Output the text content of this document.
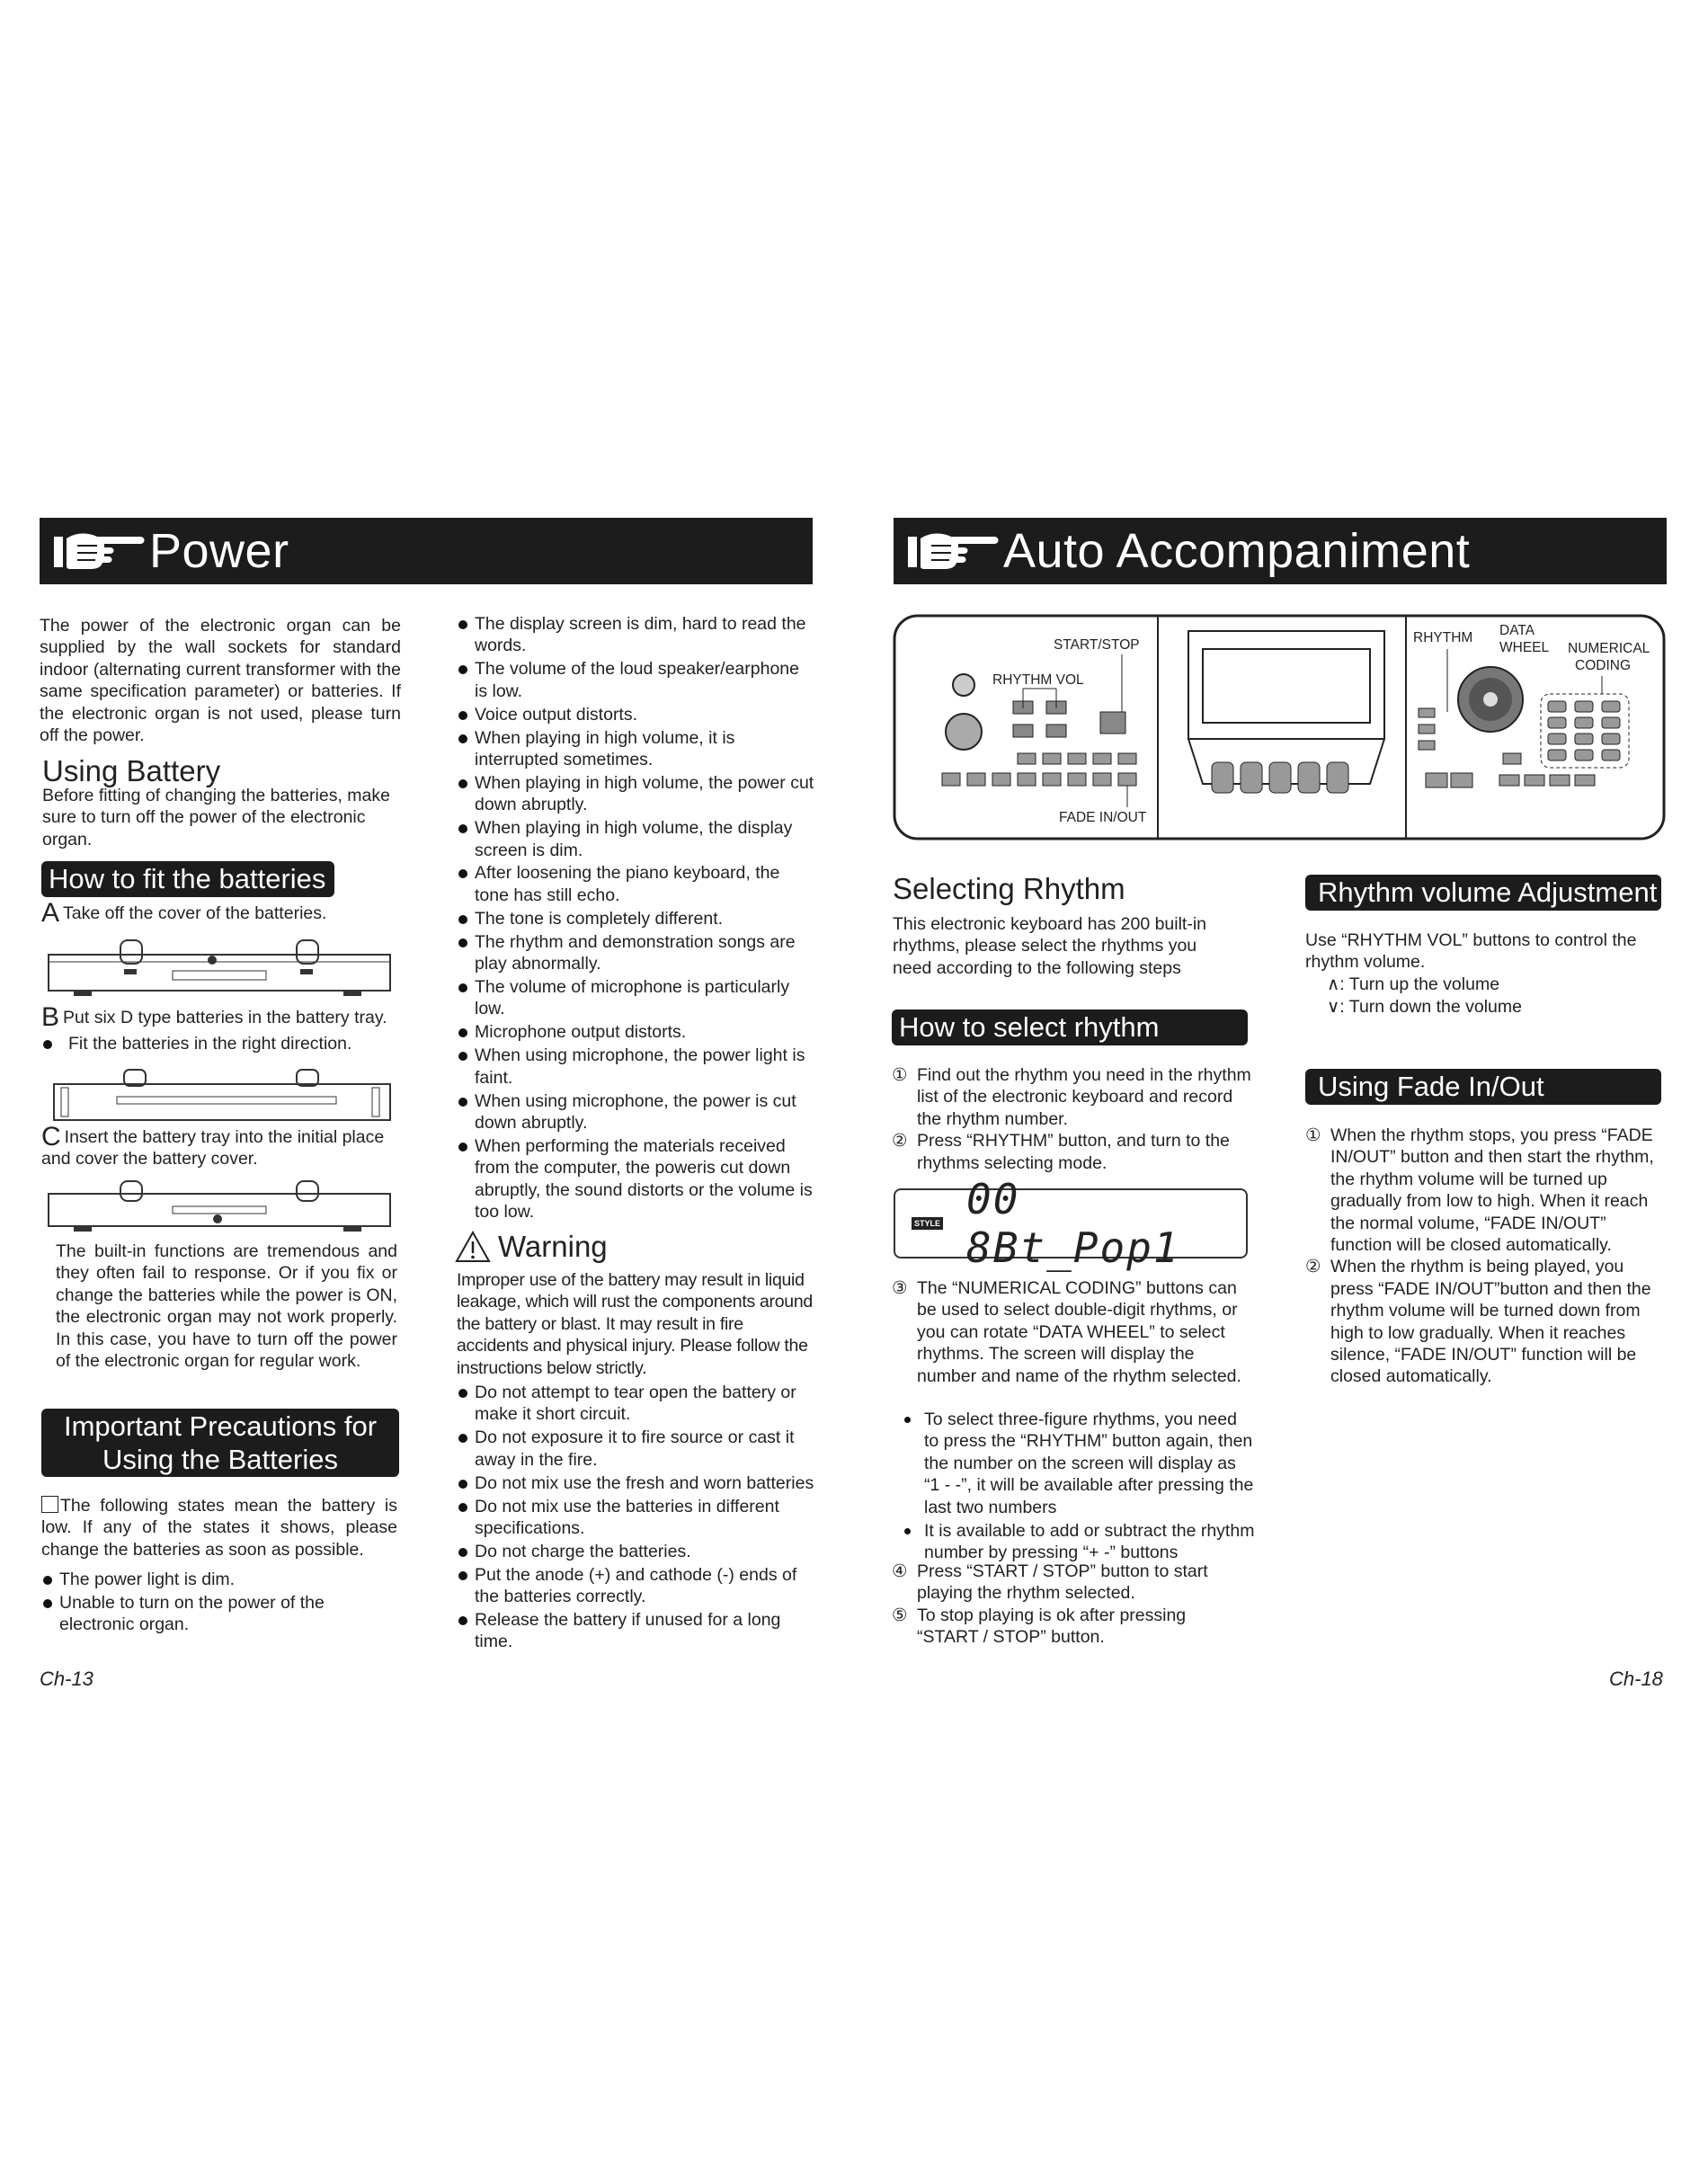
Power
The power of the electronic organ can be supplied by the wall sockets for standard indoor (alternating current transformer with the same specification parameter) or batteries. If the electronic organ is not used, please turn off the power.
Using Battery
Before fitting of changing the batteries, make sure to turn off the power of the electronic organ.
How to fit the batteries
A Take off the cover of the batteries.
B Put six D type batteries in the battery tray.
Fit the batteries in the right direction.
C Insert the battery tray into the initial place and cover the battery cover.
The built-in functions are tremendous and they often fail to response. Or if you fix or change the batteries while the power is ON, the electronic organ may not work properly. In this case, you have to turn off the power of the electronic organ for regular work.
Important Precautions for
Using the Batteries
The following states mean the battery is low. If any of the states it shows, please change the batteries as soon as possible.
The power light is dim.
Unable to turn on the power of the electronic organ.
The display screen is dim, hard to read the words.
The volume of the loud speaker/earphone is low.
Voice output distorts.
When playing in high volume, it is interrupted sometimes.
When playing in high volume, the power cut down abruptly.
When playing in high volume, the display screen is dim.
After loosening the piano keyboard, the tone has still echo.
The tone is completely different.
The rhythm and demonstration songs are play abnormally.
The volume of microphone is particularly low.
Microphone output distorts.
When using microphone, the power light is faint.
When using microphone, the power is cut down abruptly.
When performing the materials received from the computer, the poweris cut down abruptly, the sound distorts or the volume is too low.
Warning
Improper use of the battery may result in liquid leakage, which will rust the components around the battery or blast. It may result in fire accidents and physical injury. Please follow the instructions below strictly.
Do not attempt to tear open the battery or make it short circuit.
Do not exposure it to fire source or cast it away in the fire.
Do not mix use the fresh and worn batteries
Do not mix use the batteries in different specifications.
Do not charge the batteries.
Put the anode (+) and cathode (-) ends of the batteries correctly.
Release the battery if unused for a long time.
Ch-13
Auto Accompaniment
START/STOP
RHYTHM VOL
FADE IN/OUT
RHYTHM DATA
WHEEL NUMERICAL
CODING
Selecting Rhythm
This electronic keyboard has 200 built-in rhythms, please select the rhythms you need according to the following steps
How to select rhythm
① Find out the rhythm you need in the rhythm list of the electronic keyboard and record the rhythm number.
② Press “RHYTHM” button, and turn to the rhythms selecting mode.
STYLE 00 8Bt_Pop1
③ The “NUMERICAL CODING” buttons can be used to select double-digit rhythms, or you can rotate “DATA WHEEL” to select rhythms. The screen will display the number and name of the rhythm selected.
To select three-figure rhythms, you need to press the “RHYTHM” button again, then the number on the screen will display as “1 - -”, it will be available after pressing the last two numbers
It is available to add or subtract the rhythm number by pressing “+ -” buttons
④ Press “START / STOP” button to start playing the rhythm selected.
⑤ To stop playing is ok after pressing “START / STOP” button.
Rhythm volume Adjustment
Use “RHYTHM VOL” buttons to control the rhythm volume.
∧: Turn up the volume
∨: Turn down the volume
Using Fade In/Out
① When the rhythm stops, you press “FADE IN/OUT” button and then start the rhythm, the rhythm volume will be turned up gradually from low to high. When it reach the normal volume, “FADE IN/OUT” function will be closed automatically.
② When the rhythm is being played, you press “FADE IN/OUT”button and then the rhythm volume will be turned down from high to low gradually. When it reaches silence, “FADE IN/OUT” function will be closed automatically.
Ch-18
